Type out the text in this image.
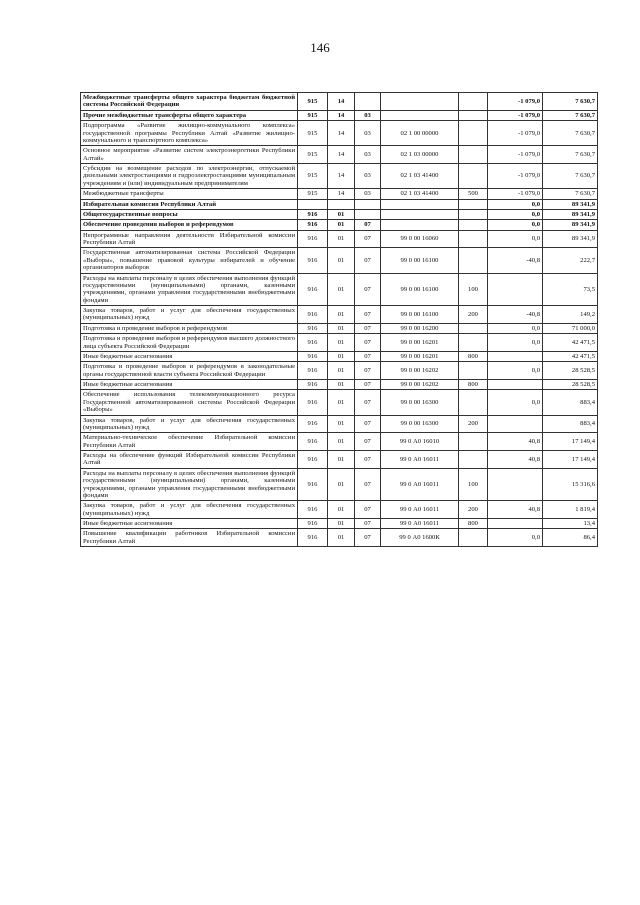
146
Межбюджетные трансферты общего характера бюджетам бюджетной системы Российской Федерации	915	14				-1 079,0	7 630,7
Прочие межбюджетные трансферты общего характера	915	14	03			-1 079,0	7 630,7
Подпрограмма «Развитие жилищно-коммунального комплекса» государственной программы Республики Алтай «Развитие жилищно-коммунального и транспортного комплекса»	915	14	03	02 1 00 00000		-1 079,0	7 630,7
Основное мероприятие «Развитие систем электроэнергетики Республики Алтай»	915	14	03	02 1 03 00000		-1 079,0	7 630,7
Субсидии на возмещение расходов по электроэнергии, отпускаемой дизельными электростанциями и гидроэлектростанциями муниципальным учреждениям и (или) индивидуальным предпринимателям	915	14	03	02 1 03 41400		-1 079,0	7 630,7
Межбюджетные трансферты	915	14	03	02 1 03 41400	500	-1 079,0	7 630,7
Избирательная комиссия Республики Алтай						0,0	89 341,9
Общегосударственные вопросы	916	01				0,0	89 341,9
Обеспечение проведения выборов и референдумов	916	01	07			0,0	89 341,9
Непрограммные направления деятельности Избирательной комиссии Республики Алтай	916	01	07	99 0 00 16060		0,0	89 341,9
Государственная автоматизированная система Российской Федерации «Выборы», повышение правовой культуры избирателей и обучение организаторов выборов	916	01	07	99 0 00 16100		-40,8	222,7
Расходы на выплаты персоналу в целях обеспечения выполнения функций государственными (муниципальными) органами, казенными учреждениями, органами управления государственными внебюджетными фондами	916	01	07	99 0 00 16100	100		73,5
Закупка товаров, работ и услуг для обеспечения государственных (муниципальных) нужд	916	01	07	99 0 00 16100	200	-40,8	149,2
Подготовка и проведение выборов и референдумов	916	01	07	99 0 00 16200		0,0	71 000,0
Подготовка и проведение выборов и референдумов высшего должностного лица субъекта Российской Федерации	916	01	07	99 0 00 16201		0,0	42 471,5
Иные бюджетные ассигнования	916	01	07	99 0 00 16201	800		42 471,5
Подготовка и проведение выборов и референдумов в законодательные органы государственной власти субъекта Российской Федерации	916	01	07	99 0 00 16202		0,0	28 528,5
Иные бюджетные ассигнования	916	01	07	99 0 00 16202	800		28 528,5
Обеспечение использования телекоммуникационного ресурса Государственной автоматизированной системы Российской Федерации «Выборы»	916	01	07	99 0 00 16300		0,0	883,4
Закупка товаров, работ и услуг для обеспечения государственных (муниципальных) нужд	916	01	07	99 0 00 16300	200		883,4
Материально-техническое обеспечение Избирательной комиссии Республики Алтай	916	01	07	99 0 А0 16010		40,8	17 149,4
Расходы на обеспечение функций Избирательной комиссии Республики Алтай	916	01	07	99 0 А0 16011		40,8	17 149,4
Расходы на выплаты персоналу в целях обеспечения выполнения функций государственными (муниципальными) органами, казенными учреждениями, органами управления государственными внебюджетными фондами	916	01	07	99 0 А0 16011	100		15 316,6
Закупка товаров, работ и услуг для обеспечения государственных (муниципальных) нужд	916	01	07	99 0 А0 16011	200	40,8	1 819,4
Иные бюджетные ассигнования	916	01	07	99 0 А0 16011	800		13,4
Повышение квалификации работников Избирательной комиссии Республики Алтай	916	01	07	99 0 А0 1600К		0,0	86,4
